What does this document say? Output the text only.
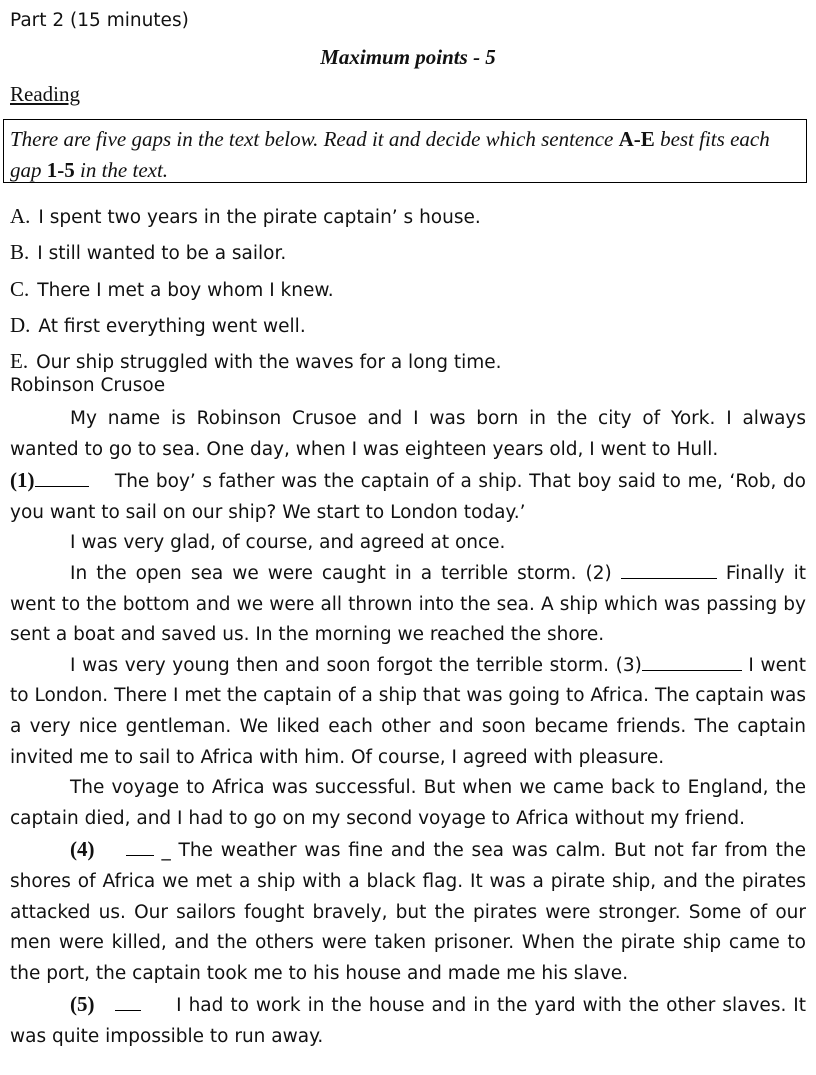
Part 2 (15 minutes)
Maximum points - 5
Reading
There are five gaps in the text below. Read it and decide which sentence A-E best fits each gap 1-5 in the text.
A. I spent two years in the pirate captain’ s house.
B. I still wanted to be a sailor.
C. There I met a boy whom I knew.
D. At first everything went well.
E. Our ship struggled with the waves for a long time.
Robinson Crusoe

My name is Robinson Crusoe and I was born in the city of York. I always wanted to go to sea. One day, when I was eighteen years old, I went to Hull.

(1)	The boy’ s father was the captain of a ship. That boy said to me, ‘Rob, do you want to sail on our ship? We start to London today.’

I was very glad, of course, and agreed at once.

In the open sea we were caught in a terrible storm. (2)	Finally it went to the bottom and we were all thrown into the sea. A ship which was passing by sent a boat and saved us. In the morning we reached the shore.

I was very young then and soon forgot the terrible storm. (3)	I went to London. There I met the captain of a ship that was going to Africa. The captain was a very nice gentleman. We liked each other and soon became friends. The captain invited me to sail to Africa with him. Of course, I agreed with pleasure.

The voyage to Africa was successful. But when we came back to England, the captain died, and I had to go on my second voyage to Africa without my friend.

(4)	_ The weather was fine and the sea was calm. But not far from the shores of Africa we met a ship with a black flag. It was a pirate ship, and the pirates attacked us. Our sailors fought bravely, but the pirates were stronger. Some of our men were killed, and the others were taken prisoner. When the pirate ship came to the port, the captain took me to his house and made me his slave.

(5)	I had to work in the house and in the yard with the other slaves. It was quite impossible to run away.
